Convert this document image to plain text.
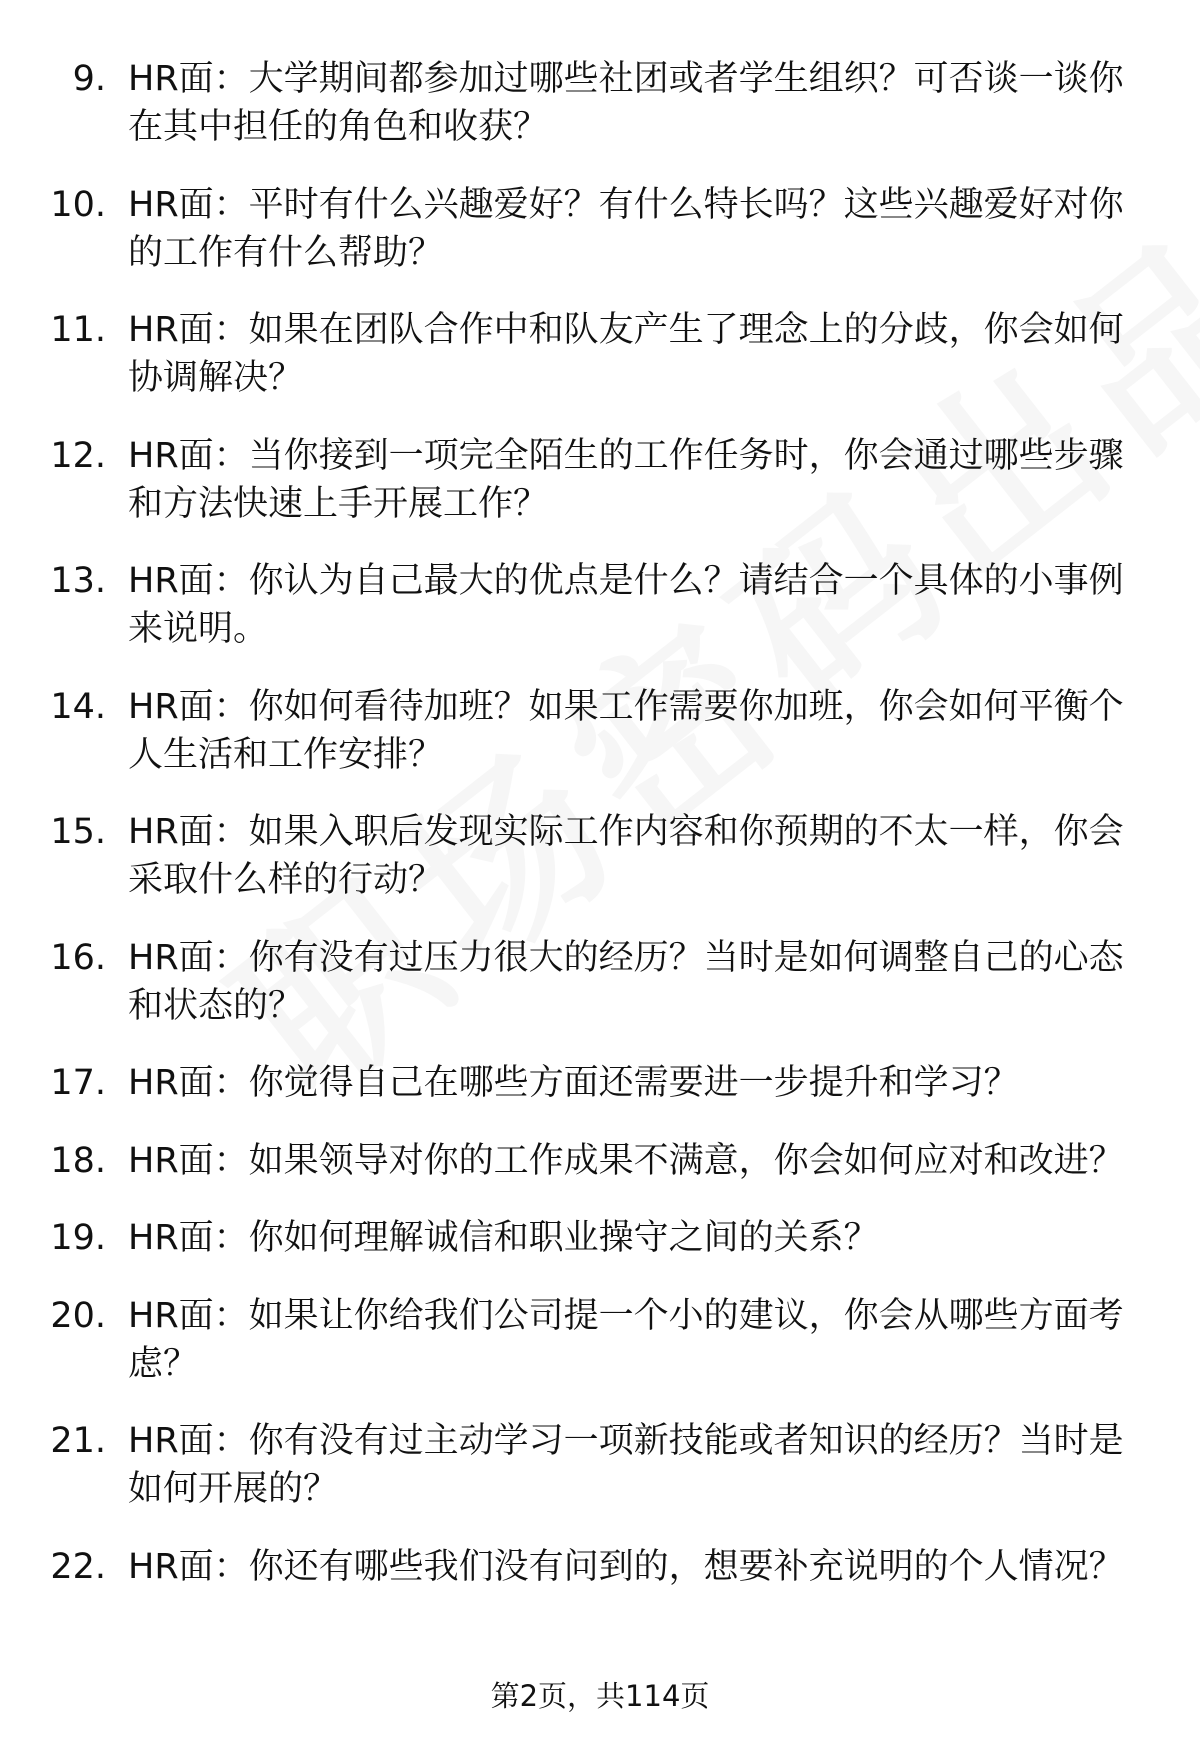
9. HR面：大学期间都参加过哪些社团或者学生组织？可否谈一谈你在其中担任的角色和收获？
10. HR面：平时有什么兴趣爱好？有什么特长吗？这些兴趣爱好对你的工作有什么帮助？
11. HR面：如果在团队合作中和队友产生了理念上的分歧，你会如何协调解决？
12. HR面：当你接到一项完全陌生的工作任务时，你会通过哪些步骤和方法快速上手开展工作？
13. HR面：你认为自己最大的优点是什么？请结合一个具体的小事例来说明。
14. HR面：你如何看待加班？如果工作需要你加班，你会如何平衡个人生活和工作安排？
15. HR面：如果入职后发现实际工作内容和你预期的不太一样，你会采取什么样的行动？
16. HR面：你有没有过压力很大的经历？当时是如何调整自己的心态和状态的？
17. HR面：你觉得自己在哪些方面还需要进一步提升和学习？
18. HR面：如果领导对你的工作成果不满意，你会如何应对和改进？
19. HR面：你如何理解诚信和职业操守之间的关系？
20. HR面：如果让你给我们公司提一个小的建议，你会从哪些方面考虑？
21. HR面：你有没有过主动学习一项新技能或者知识的经历？当时是如何开展的？
22. HR面：你还有哪些我们没有问到的，想要补充说明的个人情况？
第2页，共114页
